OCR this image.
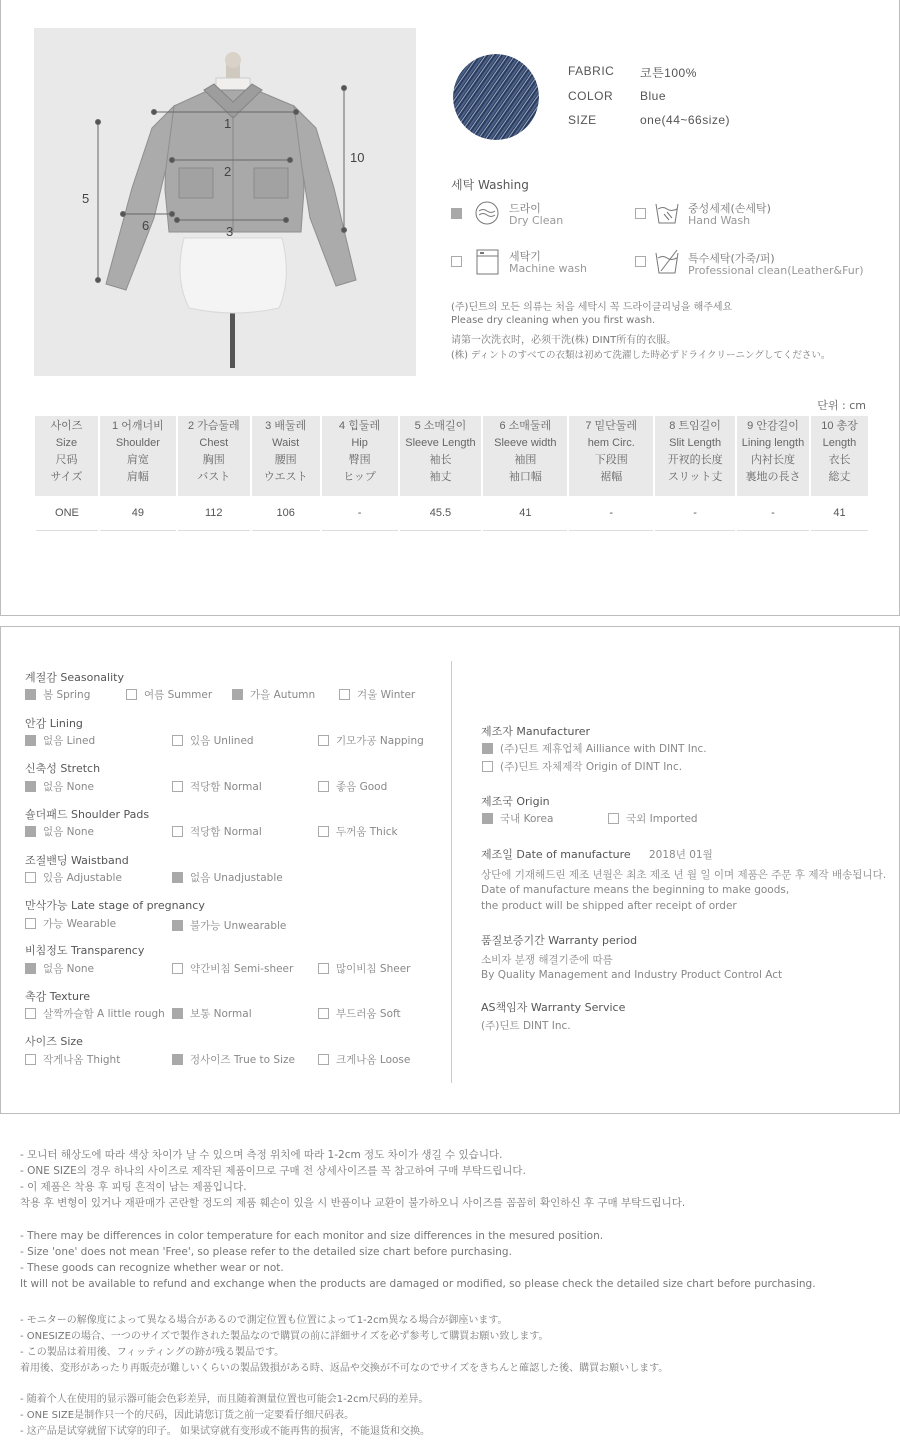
1
2
3
5
6
10
FABRIC 코튼100%
COLOR Blue
SIZE	one(44~66size)
세탁 Washing
드라이
Dry Clean
중성세제(손세탁)
Hand Wash
세탁기
Machine wash
특수세탁(가죽/퍼)
Professional clean(Leather&Fur)
(주)딘트의 모든 의류는 처음 세탁시 꼭 드라이클리닝을 해주세요
Please dry cleaning when you first wash.
请第一次洗衣时，必须干洗(株) DINT所有的衣服。
(株) ディントのすべての衣類は初めて洗濯した時必ずドライクリーニングしてください。
단위 : cm
사이즈
Size
尺码
サイズ	1 어깨너비
Shoulder
肩宽
肩幅	2 가슴둘레
Chest
胸围
バスト	3 배둘레
Waist
腰围
ウエスト	4 힙둘레
Hip
臀围
ヒップ	5 소매길이
Sleeve Length
袖长
袖丈	6 소매둘레
Sleeve width
袖围
袖口幅	7 밑단둘레
hem Circ.
下段围
裾幅	8 트임길이
Slit Length
开衩的长度
スリット丈	9 안감길이
Lining length
内衬长度
裏地の長さ	10 총장
Length
衣长
総丈

ONE	49	112	106	-	45.5	41	-	-	-	41
계절감 Seasonality
봄 Spring	여름 Summer	가을 Autumn	겨울 Winter
안감 Lining
없음 Lined	있음 Unlined	기모가공 Napping
신축성 Stretch
없음 None	적당함 Normal	좋음 Good
숄더패드 Shoulder Pads
없음 None	적당함 Normal	두꺼움 Thick
조절밴딩 Waistband
있음 Adjustable	없음 Unadjustable
만삭가능 Late stage of pregnancy
가능 Wearable	불가능 Unwearable
비침정도 Transparency
없음 None	약간비침 Semi-sheer	많이비침 Sheer
촉감 Texture
살짝까슬함 A little rough	보통 Normal	부드러움 Soft
사이즈 Size
작게나옴 Thight	정사이즈 True to Size	크게나옴 Loose
제조자 Manufacturer
(주)딘트 제휴업체 Ailliance with DINT Inc.
(주)딘트 자체제작 Origin of DINT Inc.
제조국 Origin
국내 Korea	국외 Imported
제조일 Date of manufacture 2018년 01월
상단에 기재해드린 제조 년월은 최초 제조 년 월 일 이며 제품은 주문 후 제작 배송됩니다.
Date of manufacture means the beginning to make goods,
the product will be shipped after receipt of order
품질보증기간 Warranty period
소비자 분쟁 해결기준에 따름
By Quality Management and Industry Product Control Act
AS책임자 Warranty Service
(주)딘트 DINT Inc.
- 모니터 해상도에 따라 색상 차이가 날 수 있으며 측정 위치에 따라 1-2cm 정도 차이가 생길 수 있습니다.
- ONE SIZE의 경우 하나의 사이즈로 제작된 제품이므로 구매 전 상세사이즈를 꼭 참고하여 구매 부탁드립니다.
- 이 제품은 착용 후 피팅 흔적이 남는 제품입니다.
착용 후 변형이 있거나 재판매가 곤란할 정도의 제품 훼손이 있을 시 반품이나 교환이 불가하오니 사이즈를 꼼꼼히 확인하신 후 구매 부탁드립니다.
- There may be differences in color temperature for each monitor and size differences in the mesured position.
- Size 'one' does not mean 'Free', so please refer to the detailed size chart before purchasing.
- These goods can recognize whether wear or not.
It will not be available to refund and exchange when the products are damaged or modified, so please check the detailed size chart before purchasing.
- モニターの解像度によって異なる場合があるので測定位置も位置によって1-2cm異なる場合が御座います。
- ONESIZEの場合、一つのサイズで製作された製品なので購買の前に詳細サイズを必ず参考して購買お願い致します。
- この製品は着用後、フィッティングの跡が残る製品です。
着用後、変形があったり再販売が難しいくらいの製品毀損がある時、返品や交換が不可なのでサイズをきちんと確認した後、購買お願いします。
- 随着个人在使用的显示器可能会色彩差异，而且随着测量位置也可能会1-2cm尺码的差异。
- ONE SIZE是制作只一个的尺码，因此请您订货之前一定要看仔细尺码表。
- 这产品是试穿就留下试穿的印子。 如果试穿就有变形或不能再售的损害，不能退货和交换。
